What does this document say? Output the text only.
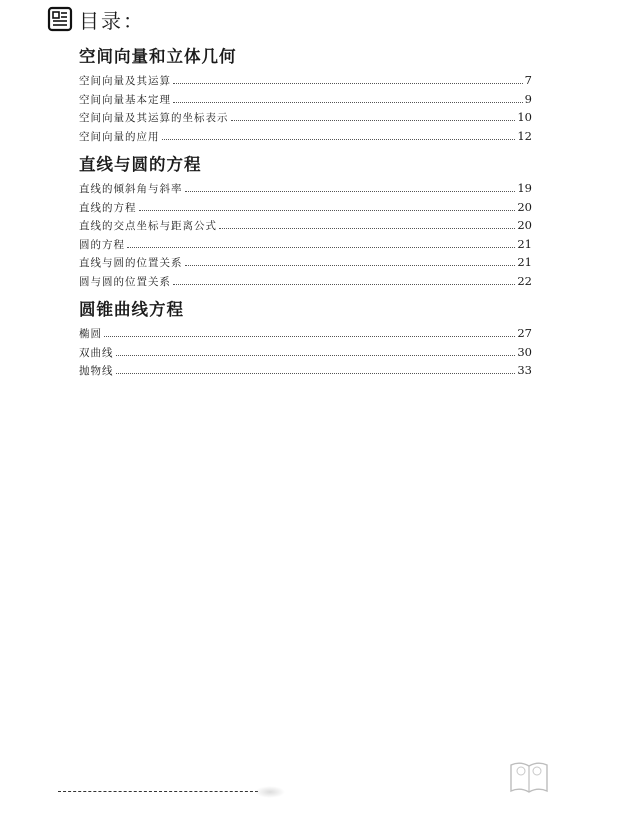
目录：
空间向量和立体几何
空间向量及其运算	7
空间向量基本定理	9
空间向量及其运算的坐标表示	10
空间向量的应用	12
直线与圆的方程
直线的倾斜角与斜率	19
直线的方程	20
直线的交点坐标与距离公式	20
圆的方程	21
直线与圆的位置关系	21
圆与圆的位置关系	22
圆锥曲线方程
椭圆	27
双曲线	30
抛物线	33
